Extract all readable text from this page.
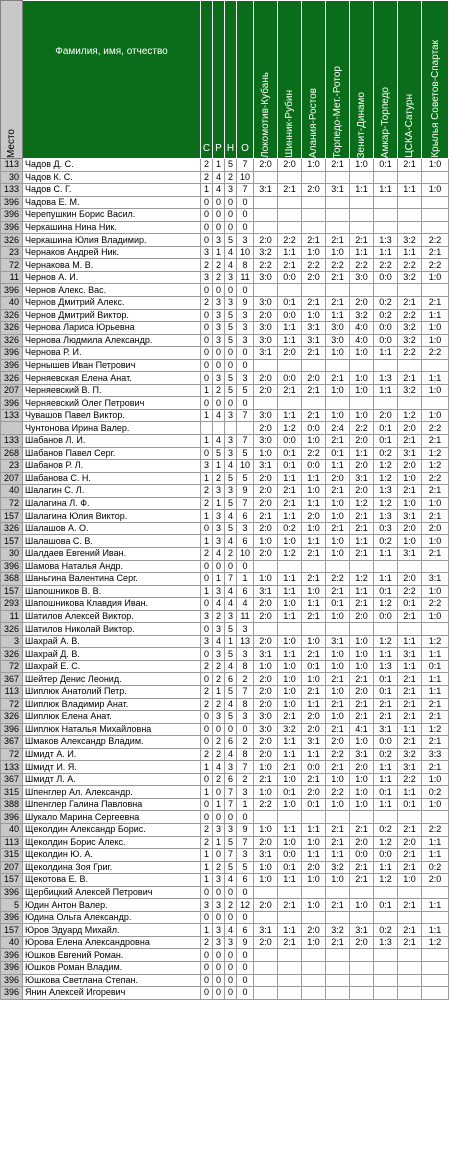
Место	Фамилия, имя, отчество	С	Р	Н	О	Локомотив-Кубань	Шинник-Рубин	Алания-Ростов	Торпедо-Мет.-Ротор	Зенит-Динамо	Амкар-Торпедо	ЦСКА-Сатурн	Крылья Советов-Спартак

113	Чадов Д. С.	2	1	5	7	2:0	2:0	1:0	2:1	1:0	0:1	2:1	1:0
30	Чадов К. С.	2	4	2	10								
133	Чадов С. Г.	1	4	3	7	3:1	2:1	2:0	3:1	1:1	1:1	1:1	1:0
396	Чадова Е. М.	0	0	0	0								
396	Черепушкин Борис Васил.	0	0	0	0								
396	Черкашина Нина Ник.	0	0	0	0								
326	Черкашина Юлия Владимир.	0	3	5	3	2:0	2:2	2:1	2:1	2:1	1:3	3:2	2:2
23	Чернаков Андрей Ник.	3	1	4	10	3:2	1:1	1:0	1:0	1:1	1:1	1:1	2:1
72	Чернакова М. В.	2	2	4	8	2:2	2:1	2:2	2:2	2:2	2:2	2:2	2:2
11	Чернов А. И.	3	2	3	11	3:0	0:0	2:0	2:1	3:0	0:0	3:2	1:0
396	Чернов Алекс. Вас.	0	0	0	0								
40	Чернов Дмитрий Алекс.	2	3	3	9	3:0	0:1	2:1	2:1	2:0	0:2	2:1	2:1
326	Чернов Дмитрий Виктор.	0	3	5	3	2:0	0:0	1:0	1:1	3:2	0:2	2:2	1:1
326	Чернова Лариса Юрьевна	0	3	5	3	3:0	1:1	3:1	3:0	4:0	0:0	3:2	1:0
326	Чернова Людмила Александр.	0	3	5	3	3:0	1:1	3:1	3:0	4:0	0:0	3:2	1:0
396	Чернова Р. И.	0	0	0	0	3:1	2:0	2:1	1:0	1:0	1:1	2:2	2:2
396	Чернышев Иван Петрович	0	0	0	0								
326	Черняевская Елена Анат.	0	3	5	3	2:0	0:0	2:0	2:1	1:0	1:3	2:1	1:1
207	Черняевский В. П.	1	2	5	5	2:0	2:1	2:1	1:0	1:0	1:1	3:2	1:0
396	Черняевский Олег Петрович	0	0	0	0								
133	Чувашов Павел Виктор.	1	4	3	7	3:0	1:1	2:1	1:0	1:0	2:0	1:2	1:0
	Чунтонова Ирина Валер.					2:0	1:2	0:0	2:4	2:2	0:1	2:0	2:2
133	Шабанов Л. И.	1	4	3	7	3:0	0:0	1:0	2:1	2:0	0:1	2:1	2:1
268	Шабанов Павел Серг.	0	5	3	5	1:0	0:1	2:2	0:1	1:1	0:2	3:1	1:2
23	Шабанов Р. Л.	3	1	4	10	3:1	0:1	0:0	1:1	2:0	1:2	2:0	1:2
207	Шабанова С. Н.	1	2	5	5	2:0	1:1	1:1	2:0	3:1	1:2	1:0	2:2
40	Шалагин С. Л.	2	3	3	9	2:0	2:1	1:0	2:1	2:0	1:3	2:1	2:1
72	Шалагина Л. Ф.	2	1	5	7	2:0	2:1	1:1	1:0	1:2	1:2	1:0	1:0
157	Шалагина Юлия Виктор.	1	3	4	6	2:1	1:1	2:0	1:0	2:1	1:3	3:1	2:1
326	Шалашов А. О.	0	3	5	3	2:0	0:2	1:0	2:1	2:1	0:3	2:0	2:0
157	Шалашова С. В.	1	3	4	6	1:0	1:0	1:1	1:0	1:1	0:2	1:0	1:0
30	Шалдаев Евгений Иван.	2	4	2	10	2:0	1:2	2:1	1:0	2:1	1:1	3:1	2:1
396	Шамова Наталья Андр.	0	0	0	0								
368	Шаньгина Валентина Серг.	0	1	7	1	1:0	1:1	2:1	2:2	1:2	1:1	2:0	3:1
157	Шапошников В. В.	1	3	4	6	3:1	1:1	1:0	2:1	1:1	0:1	2:2	1:0
293	Шапошникова Клавдия Иван.	0	4	4	4	2:0	1:0	1:1	0:1	2:1	1:2	0:1	2:2
11	Шатилов Алексей Виктор.	3	2	3	11	2:0	1:1	2:1	1:0	2:0	0:0	2:1	1:0
326	Шатилов Николай Виктор.	0	3	5	3								
3	Шахрай А. В.	3	4	1	13	2:0	1:0	1:0	3:1	1:0	1:2	1:1	1:2
326	Шахрай Д. В.	0	3	5	3	3:1	1:1	2:1	1:0	1:0	1:1	3:1	1:1
72	Шахрай Е. С.	2	2	4	8	1:0	1:0	0:1	1:0	1:0	1:3	1:1	0:1
367	Шейтер Денис Леонид.	0	2	6	2	2:0	1:0	1:0	2:1	2:1	0:1	2:1	1:1
113	Шиплюк Анатолий Петр.	2	1	5	7	2:0	1:0	2:1	1:0	2:0	0:1	2:1	1:1
72	Шиплюк Владимир Анат.	2	2	4	8	2:0	1:0	1:1	2:1	2:1	2:1	2:1	2:1
326	Шиплюк Елена Анат.	0	3	5	3	3:0	2:1	2:0	1:0	2:1	2:1	2:1	2:1
396	Шиплюк Наталья Михайловна	0	0	0	0	3:0	3:2	2:0	2:1	4:1	3:1	1:1	1:2
367	Шмаков Александр Владим.	0	2	6	2	2:0	1:1	3:1	2:0	1:0	0:0	2:1	2:1
72	Шмидт А. И.	2	2	4	8	2:0	1:1	1:1	2:2	3:1	0:2	3:2	3:3
133	Шмидт И. Я.	1	4	3	7	1:0	2:1	0:0	2:1	2:0	1:1	3:1	2:1
367	Шмидт Л. А.	0	2	6	2	2:1	1:0	2:1	1:0	1:0	1:1	2:2	1:0
315	Шпенглер Ал. Александр.	1	0	7	3	1:0	0:1	2:0	2:2	1:0	0:1	1:1	0:2
388	Шпенглер Галина Павловна	0	1	7	1	2:2	1:0	0:1	1:0	1:0	1:1	0:1	1:0
396	Шукало Марина Сергеевна	0	0	0	0								
40	Щеколдин Александр Борис.	2	3	3	9	1:0	1:1	1:1	2:1	2:1	0:2	2:1	2:2
113	Щеколдин Борис Алекс.	2	1	5	7	2:0	1:0	1:0	2:1	2:0	1:2	2:0	1:1
315	Щеколдин Ю. А.	1	0	7	3	3:1	0:0	1:1	1:1	0:0	0:0	2:1	1:1
207	Щеколдина Зоя Григ.	1	2	5	5	1:0	0:1	2:0	3:2	2:1	1:1	2:1	0:2
157	Щекотова Е. В.	1	3	4	6	1:0	1:1	1:0	1:0	2:1	1:2	1:0	2:0
396	Щербицкий Алексей Петрович	0	0	0	0								
5	Юдин Антон Валер.	3	3	2	12	2:0	2:1	1:0	2:1	1:0	0:1	2:1	1:1
396	Юдина Ольга Александр.	0	0	0	0								
157	Юров Эдуард Михайл.	1	3	4	6	3:1	1:1	2:0	3:2	3:1	0:2	2:1	1:1
40	Юрова Елена Александровна	2	3	3	9	2:0	2:1	1:0	2:1	2:0	1:3	2:1	1:2
396	Юшков Евгений Роман.	0	0	0	0								
396	Юшков Роман Владим.	0	0	0	0								
396	Юшкова Светлана Степан.	0	0	0	0								
396	Янин Алексей Игоревич	0	0	0	0								
